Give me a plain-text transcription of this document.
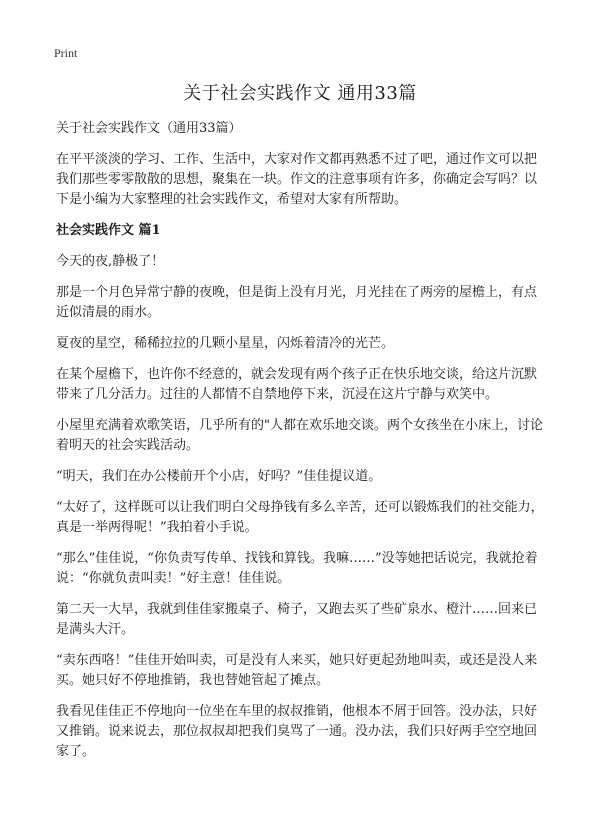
Print
关于社会实践作文 通用33篇

关于社会实践作文（通用33篇）

在平平淡淡的学习、工作、生活中，大家对作文都再熟悉不过了吧，通过作文可以把我们那些零零散散的思想，聚集在一块。作文的注意事项有许多，你确定会写吗？以下是小编为大家整理的社会实践作文，希望对大家有所帮助。

社会实践作文 篇1

今天的夜,静极了！

那是一个月色异常宁静的夜晚，但是街上没有月光，月光挂在了两旁的屋檐上，有点近似清晨的雨水。

夏夜的星空，稀稀拉拉的几颗小星星，闪烁着清冷的光芒。

在某个屋檐下，也许你不经意的，就会发现有两个孩子正在快乐地交谈，给这片沉默带来了几分活力。过往的人都情不自禁地停下来，沉浸在这片宁静与欢笑中。

小屋里充满着欢歌笑语，几乎所有的"人都在欢乐地交谈。两个女孩坐在小床上，讨论着明天的社会实践活动。

“明天，我们在办公楼前开个小店，好吗？”佳佳提议道。

“太好了，这样既可以让我们明白父母挣钱有多么辛苦，还可以锻炼我们的社交能力，真是一举两得呢！”我拍着小手说。

“那么”佳佳说，“你负责写传单、找钱和算钱。我嘛……”没等她把话说完，我就抢着说：“你就负责叫卖！”好主意！佳佳说。

第二天一大早，我就到佳佳家搬桌子、椅子，又跑去买了些矿泉水、橙汁……回来已是满头大汗。

“卖东西咯！”佳佳开始叫卖，可是没有人来买，她只好更起劲地叫卖，或还是没人来买。她只好不停地推销，我也替她管起了摊点。

我看见佳佳正不停地向一位坐在车里的叔叔推销，他根本不屑于回答。没办法，只好又推销。说来说去，那位叔叔却把我们臭骂了一通。没办法，我们只好两手空空地回家了。
